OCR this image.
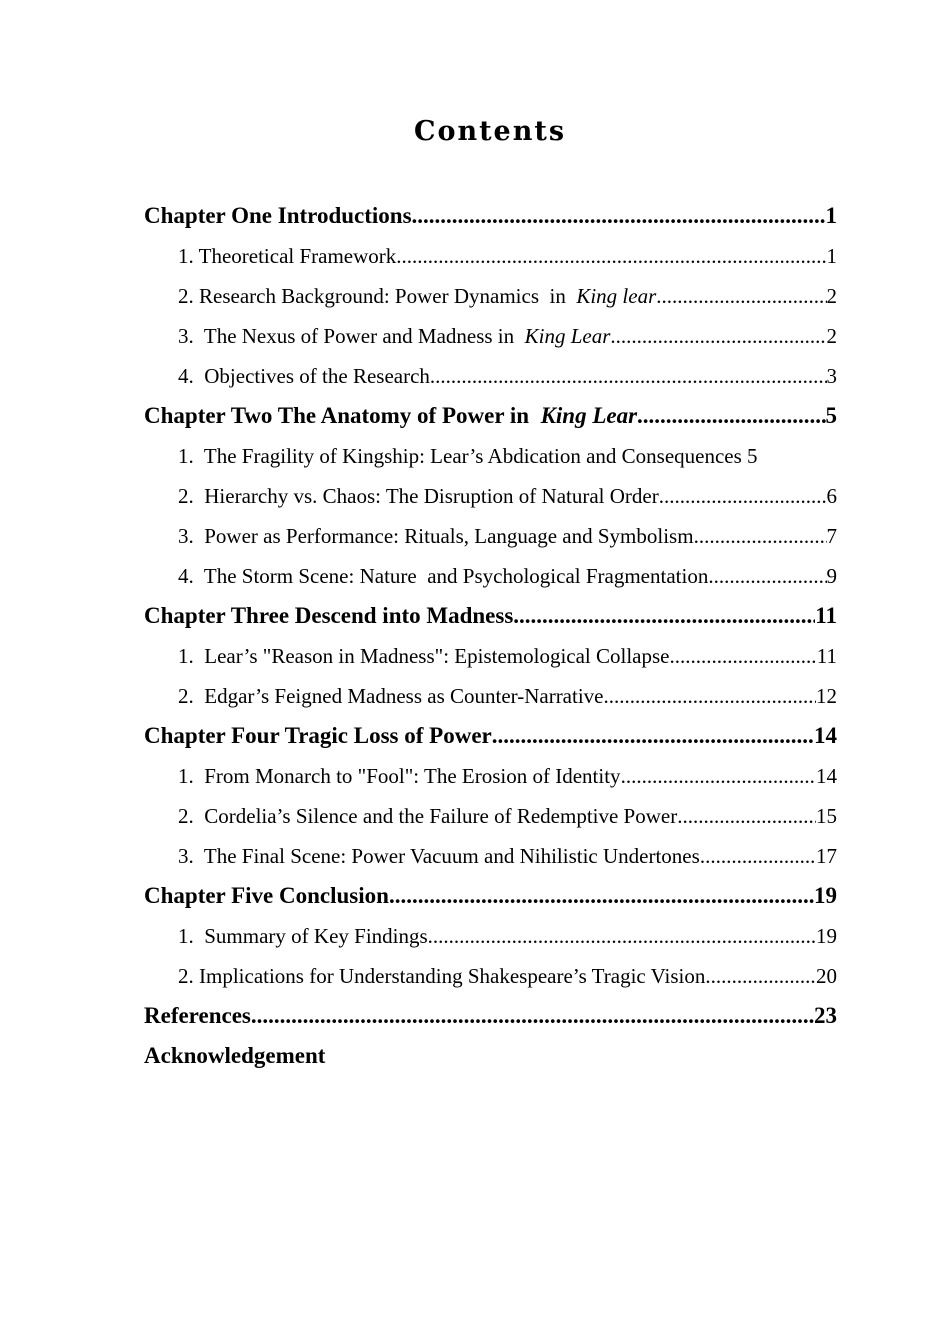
Contents
Chapter One Introductions .....	1
1. Theoretical Framework .....	1
2. Research Background: Power Dynamics  in  King lear .....	2
3.  The Nexus of Power and Madness in  King Lear .....	2
4.  Objectives of the Research .....	3
Chapter Two The Anatomy of Power in  King Lear .....	5
1.  The Fragility of Kingship: Lear’s Abdication and Consequences 5
2.  Hierarchy vs. Chaos: The Disruption of Natural Order .....	6
3.  Power as Performance: Rituals, Language and Symbolism .....	7
4.  The Storm Scene: Nature  and Psychological Fragmentation .....	9
Chapter Three Descend into Madness .....	11
1.  Lear’s "Reason in Madness": Epistemological Collapse .....	11
2.  Edgar’s Feigned Madness as Counter-Narrative .....	12
Chapter Four Tragic Loss of Power .....	14
1.  From Monarch to "Fool": The Erosion of Identity .....	14
2.  Cordelia’s Silence and the Failure of Redemptive Power .....	15
3.  The Final Scene: Power Vacuum and Nihilistic Undertones .....	17
Chapter Five Conclusion .....	19
1.  Summary of Key Findings .....	19
2. Implications for Understanding Shakespeare’s Tragic Vision .....	20
References .....	23
Acknowledgement
